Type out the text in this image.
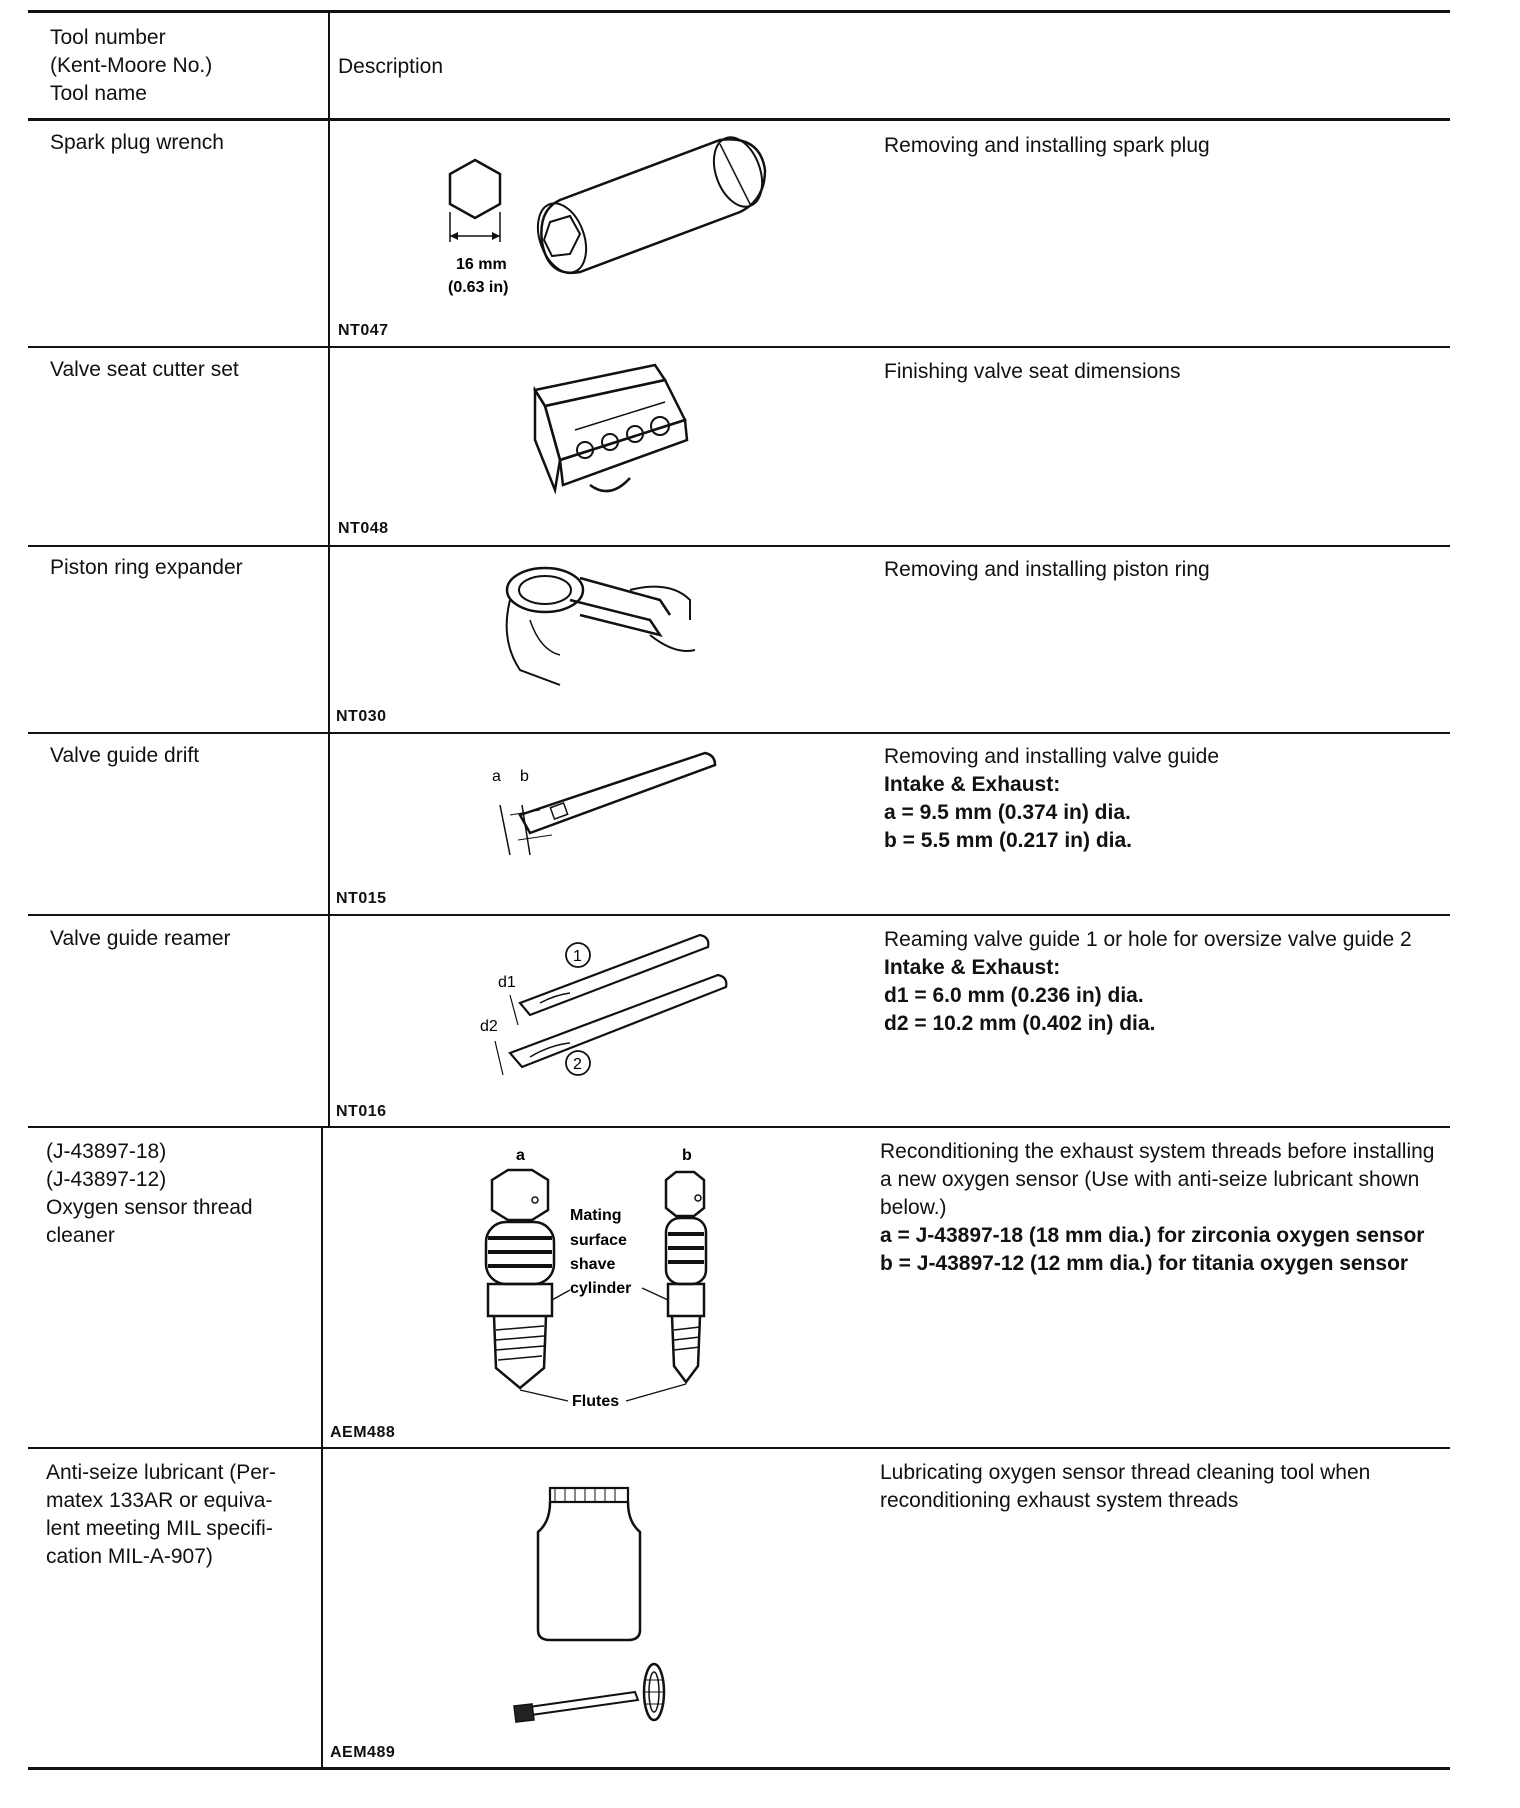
Tool number
(Kent-Moore No.)
Tool name
Description
Spark plug wrench
16 mm
(0.63 in)
NT047
Removing and installing spark plug
Valve seat cutter set
NT048
Finishing valve seat dimensions
Piston ring expander
NT030
Removing and installing piston ring
Valve guide drift
a b
NT015
Removing and installing valve guide
Intake & Exhaust:
a = 9.5 mm (0.374 in) dia.
b = 5.5 mm (0.217 in) dia.
Valve guide reamer
1
2
d1
d2
NT016
Reaming valve guide 1 or hole for oversize valve guide 2
Intake & Exhaust:
d1 = 6.0 mm (0.236 in) dia.
d2 = 10.2 mm (0.402 in) dia.
(J-43897-18)
(J-43897-12)
Oxygen sensor thread
cleaner
a	b
Mating
surface
shave
cylinder
Flutes
AEM488
Reconditioning the exhaust system threads before installing a new oxygen sensor (Use with anti-seize lubricant shown below.)
a = J-43897-18 (18 mm dia.) for zirconia oxygen sensor
b = J-43897-12 (12 mm dia.) for titania oxygen sensor
Anti-seize lubricant (Per-
matex 133AR or equiva-
lent meeting MIL specifi-
cation MIL-A-907)
AEM489
Lubricating oxygen sensor thread cleaning tool when reconditioning exhaust system threads
